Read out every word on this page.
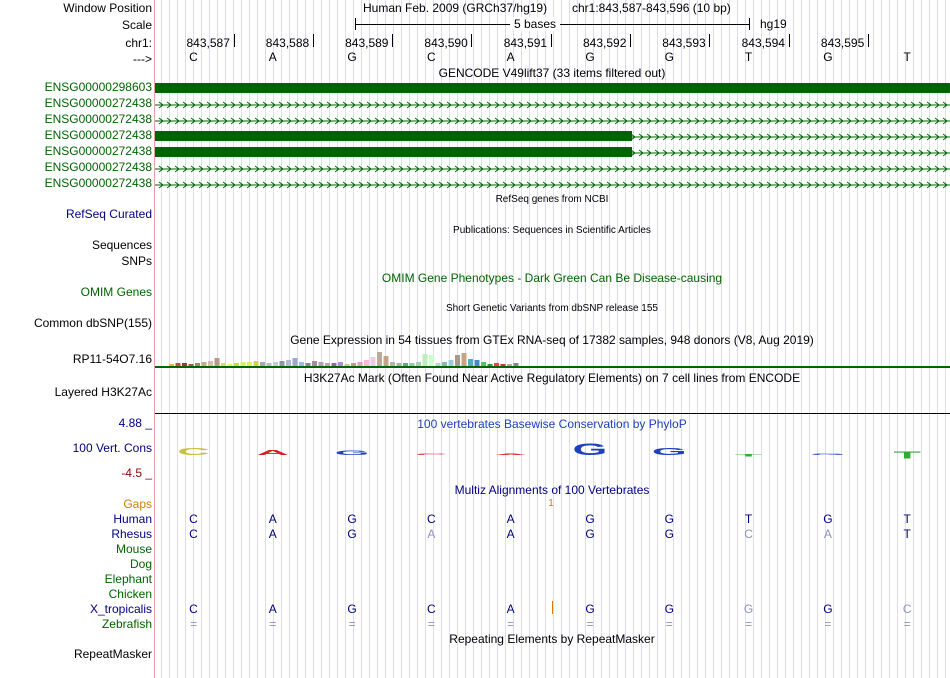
Window Position
Scale
chr1:
--->
ENSG00000298603
ENSG00000272438
ENSG00000272438
ENSG00000272438
ENSG00000272438
ENSG00000272438
ENSG00000272438
RefSeq Curated
Sequences
SNPs
OMIM Genes
Common dbSNP(155)
RP11-54O7.16
Layered H3K27Ac
4.88 _
100 Vert. Cons
-4.5 _
Gaps
Human
Rhesus
Mouse
Dog
Elephant
Chicken
X_tropicalis
Zebrafish
RepeatMasker
Human Feb. 2009 (GRCh37/hg19) chr1:843,587-843,596 (10 bp)
5 bases	hg19
843,587	843,588	843,589	843,590	843,591	843,592	843,593	843,594	843,595
C	A	G	C	A	G	G	T	G	T
GENCODE V49lift37 (33 items filtered out)
RefSeq genes from NCBI
Publications: Sequences in Scientific Articles
OMIM Gene Phenotypes - Dark Green Can Be Disease-causing
Short Genetic Variants from dbSNP release 155
Gene Expression in 54 tissues from GTEx RNA-seq of 17382 samples, 948 donors (V8, Aug 2019)
H3K27Ac Mark (Often Found Near Active Regulatory Elements) on 7 cell lines from ENCODE
100 vertebrates Basewise Conservation by PhyloP
C	A	G	C	A	G	G	T	G	T
Multiz Alignments of 100 Vertebrates
1
C	A	G	C	A	G	G	T	G	T
C	A	G	A	A	G	G	C	A	T
C	A	G	C	A	G	G	G	G	C
=	=	=	=	=	=	=	=	=	=
Repeating Elements by RepeatMasker
